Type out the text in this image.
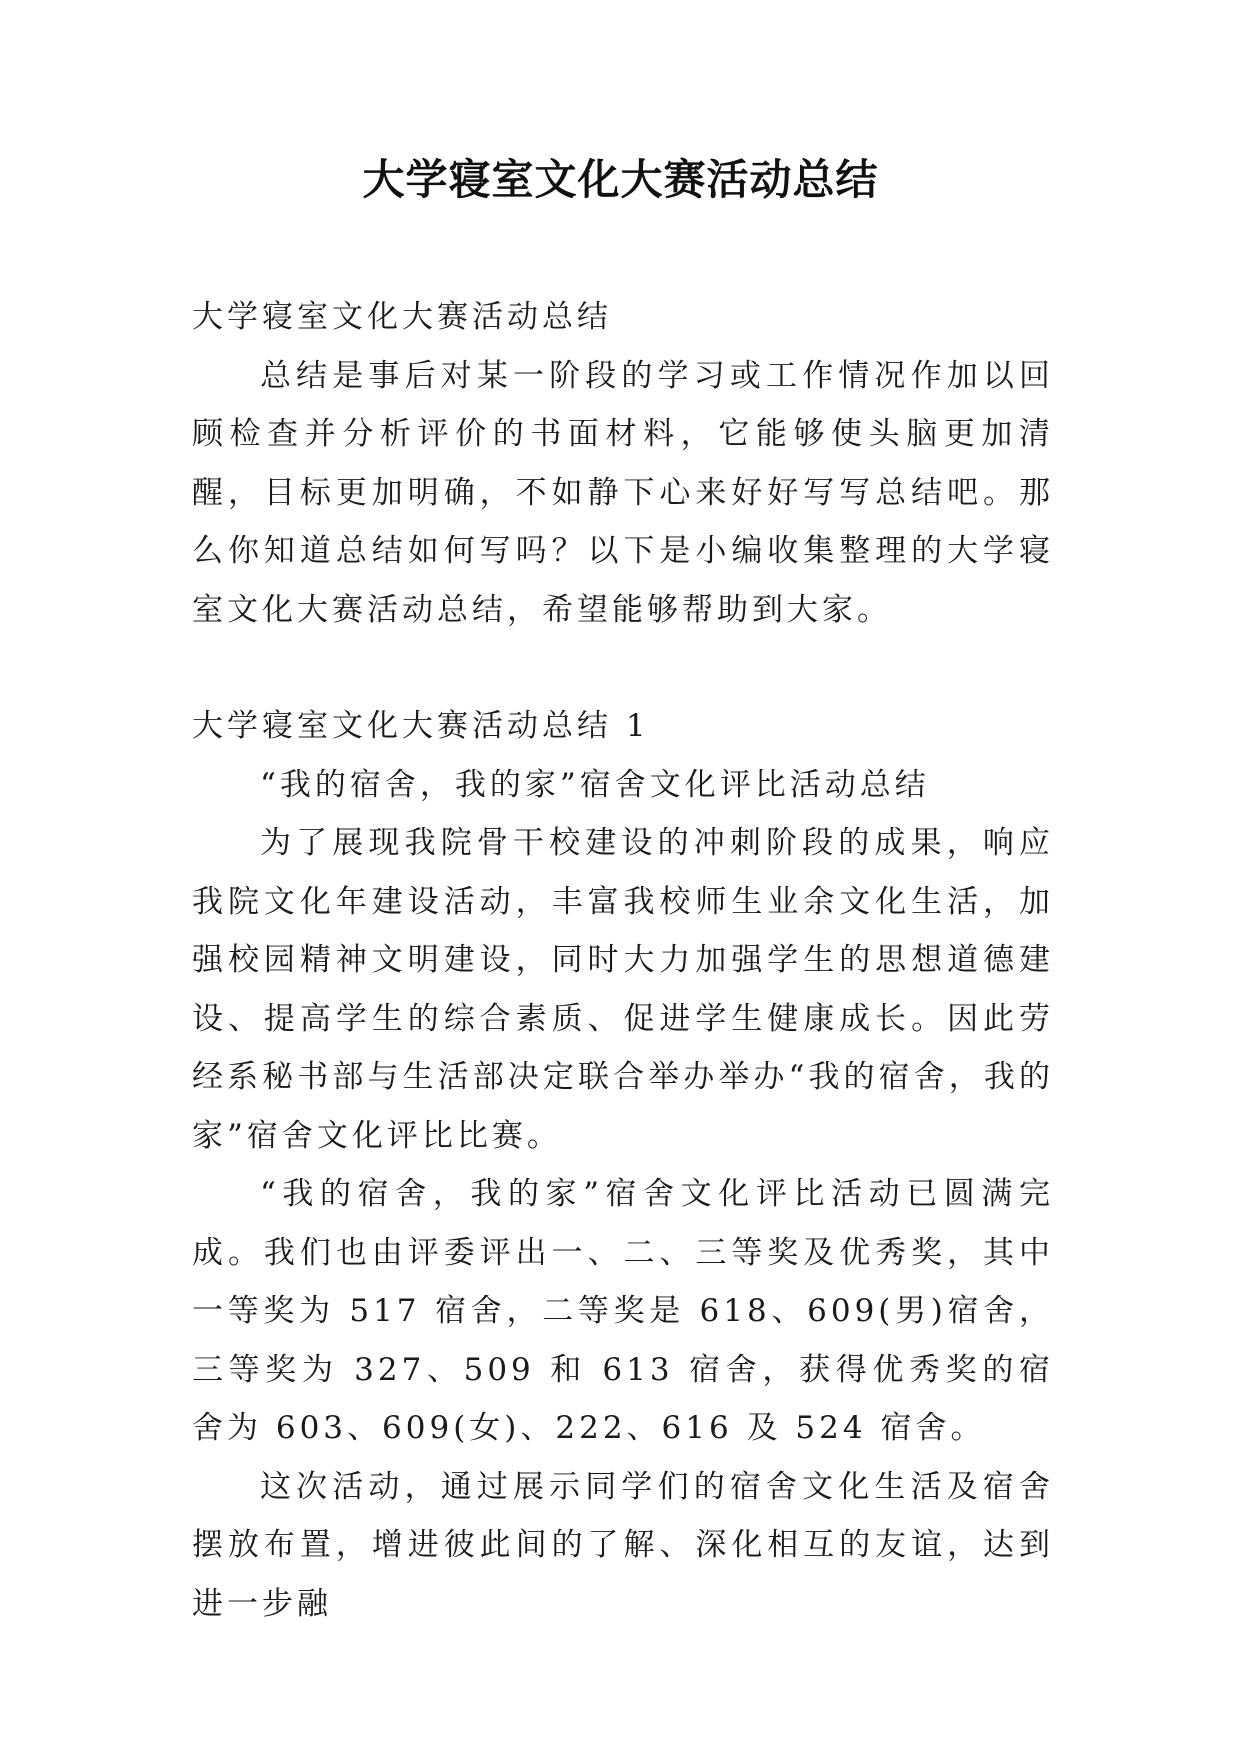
大学寝室文化大赛活动总结

大学寝室文化大赛活动总结

总结是事后对某一阶段的学习或工作情况作加以回顾检查并分析评价的书面材料，它能够使头脑更加清醒，目标更加明确，不如静下心来好好写写总结吧。那么你知道总结如何写吗？以下是小编收集整理的大学寝室文化大赛活动总结，希望能够帮助到大家。

大学寝室文化大赛活动总结 1

“我的宿舍，我的家”宿舍文化评比活动总结

为了展现我院骨干校建设的冲刺阶段的成果，响应我院文化年建设活动，丰富我校师生业余文化生活，加强校园精神文明建设，同时大力加强学生的思想道德建设、提高学生的综合素质、促进学生健康成长。因此劳经系秘书部与生活部决定联合举办举办“我的宿舍，我的家”宿舍文化评比比赛。

“我的宿舍，我的家”宿舍文化评比活动已圆满完成。我们也由评委评出一、二、三等奖及优秀奖，其中一等奖为 517 宿舍，二等奖是 618、609(男)宿舍，三等奖为 327、509 和 613 宿舍，获得优秀奖的宿舍为 603、609(女)、222、616 及 524 宿舍。

这次活动，通过展示同学们的宿舍文化生活及宿舍摆放布置，增进彼此间的了解、深化相互的友谊，达到进一步融
